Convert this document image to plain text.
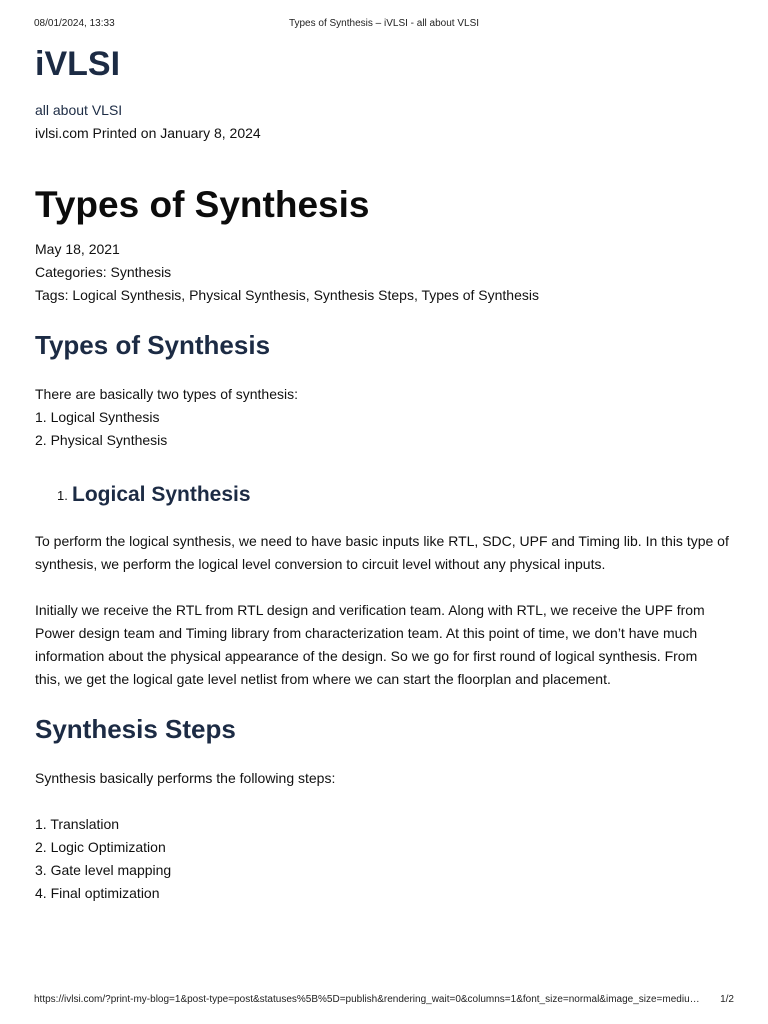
08/01/2024, 13:33	Types of Synthesis – iVLSI - all about VLSI
iVLSI
all about VLSI
ivlsi.com Printed on January 8, 2024
Types of Synthesis
May 18, 2021
Categories: Synthesis
Tags: Logical Synthesis, Physical Synthesis, Synthesis Steps, Types of Synthesis
Types of Synthesis
There are basically two types of synthesis:
1. Logical Synthesis
2. Physical Synthesis
1. Logical Synthesis
To perform the logical synthesis, we need to have basic inputs like RTL, SDC, UPF and Timing lib. In this type of
synthesis, we perform the logical level conversion to circuit level without any physical inputs.
Initially we receive the RTL from RTL design and verification team. Along with RTL, we receive the UPF from
Power design team and Timing library from characterization team. At this point of time, we don’t have much
information about the physical appearance of the design. So we go for first round of logical synthesis. From
this, we get the logical gate level netlist from where we can start the floorplan and placement.
Synthesis Steps
Synthesis basically performs the following steps:
1. Translation
2. Logic Optimization
3. Gate level mapping
4. Final optimization
https://ivlsi.com/?print-my-blog=1&post-type=post&statuses%5B%5D=publish&rendering_wait=0&columns=1&font_size=normal&image_size=mediu… 1/2
